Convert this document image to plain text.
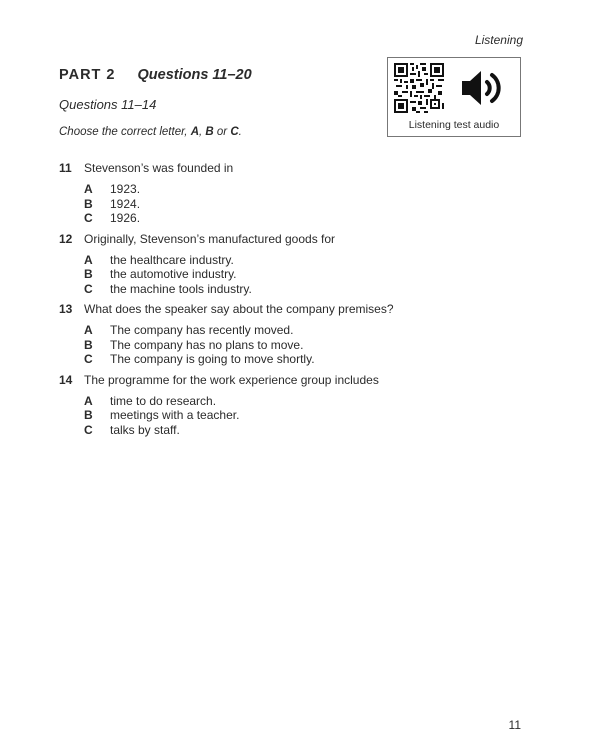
Listening
PART 2 Questions 11–20
Questions 11–14
Choose the correct letter, A, B or C.
Listening test audio
11	Stevenson’s was founded in
A	1923.
B	1924.
C	1926.
12 Originally, Stevenson’s manufactured goods for
A	the healthcare industry.
B	the automotive industry.
C	the machine tools industry.
13 What does the speaker say about the company premises?
A	The company has recently moved.
B	The company has no plans to move.
C	The company is going to move shortly.
14 The programme for the work experience group includes
A	time to do research.
B	meetings with a teacher.
C	talks by staff.
11
